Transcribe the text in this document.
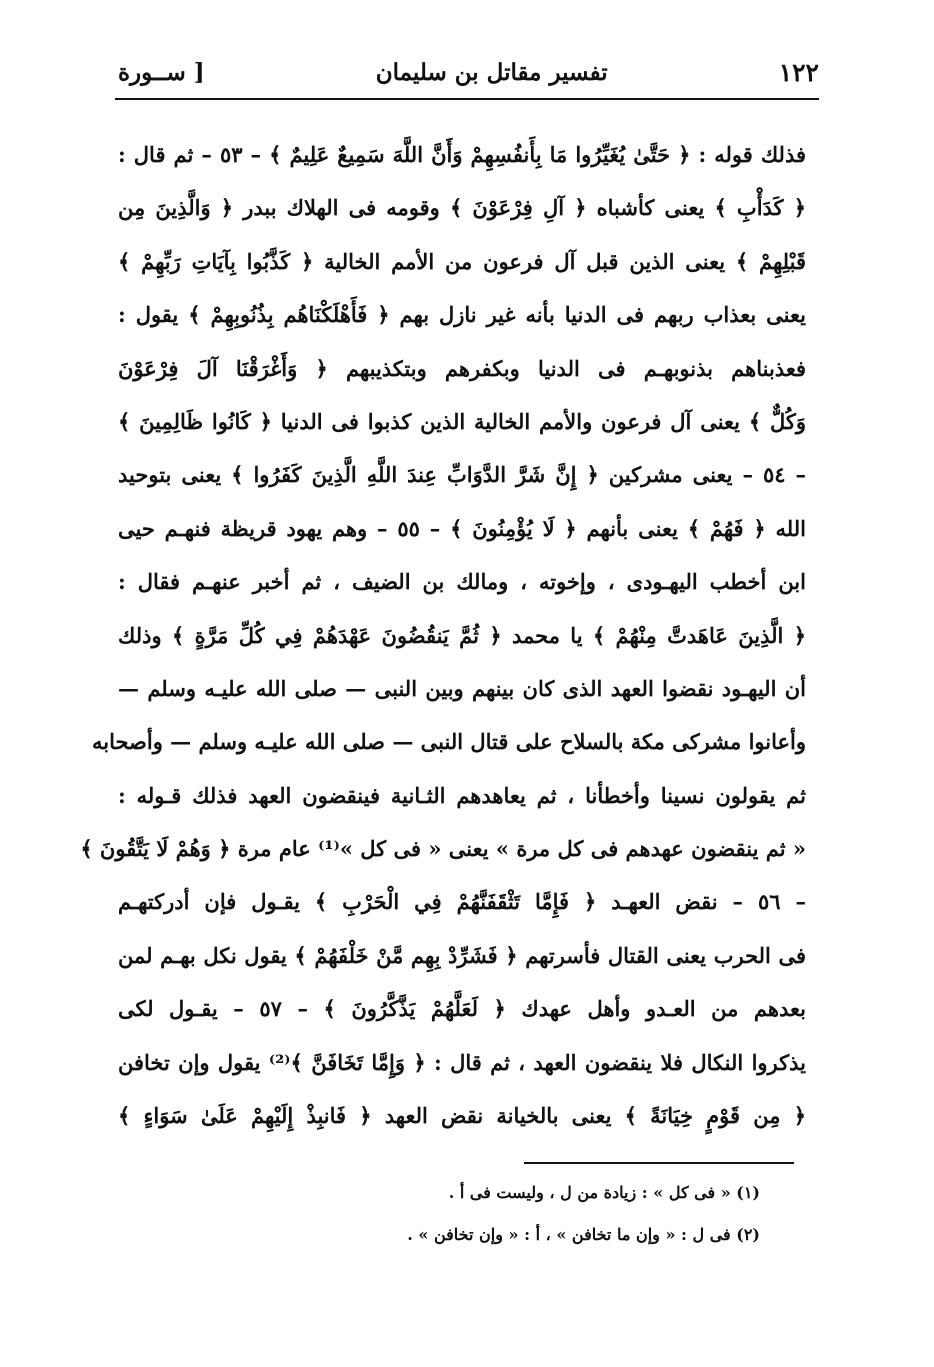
١٢٢
تفسير مقاتل بن سليمان
[ ســورة
فذلك قوله : ﴿ حَتَّىٰ يُغَيِّرُوا مَا بِأَنفُسِهِمْ وَأَنَّ اللَّهَ سَمِيعٌ عَلِيمٌ ﴾ – ٥٣ – ثم قال :
﴿ كَدَأْبِ ﴾ يعنى كأشباه ﴿ آلِ فِرْعَوْنَ ﴾ وقومه فى الهلاك ببدر ﴿ وَالَّذِينَ مِن
قَبْلِهِمْ ﴾ يعنى الذين قبل آل فرعون من الأمم الخالية ﴿ كَذَّبُوا بِآيَاتِ رَبِّهِمْ ﴾
يعنى بعذاب ربهم فى الدنيا بأنه غير نازل بهم ﴿ فَأَهْلَكْنَاهُم بِذُنُوبِهِمْ ﴾ يقول :
فعذبناهم بذنوبهـم فى الدنيا وبكفرهم وبتكذيبهم ﴿ وَأَغْرَقْنَا آلَ فِرْعَوْنَ
وَكُلٌّ ﴾ يعنى آل فرعون والأمم الخالية الذين كذبوا فى الدنيا ﴿ كَانُوا ظَالِمِينَ ﴾
– ٥٤ – يعنى مشركين ﴿ إِنَّ شَرَّ الدَّوَابِّ عِندَ اللَّهِ الَّذِينَ كَفَرُوا ﴾ يعنى بتوحيد
الله ﴿ فَهُمْ ﴾ يعنى بأنهم ﴿ لَا يُؤْمِنُونَ ﴾ – ٥٥ – وهم يهود قريظة فنهـم حيى
ابن أخطب اليهـودى ، وإخوته ، ومالك بن الضيف ، ثم أخبر عنهـم فقال :
﴿ الَّذِينَ عَاهَدتَّ مِنْهُمْ ﴾ يا محمد ﴿ ثُمَّ يَنقُضُونَ عَهْدَهُمْ فِي كُلِّ مَرَّةٍ ﴾ وذلك
أن اليهـود نقضوا العهد الذى كان بينهم وبين النبى — صلى الله عليـه وسلم —
وأعانوا مشركى مكة بالسلاح على قتال النبى — صلى الله عليـه وسلم — وأصحابه
ثم يقولون نسينا وأخطأنا ، ثم يعاهدهم الثـانية فينقضون العهد فذلك قـوله :
« ثم ينقضون عهدهم فى كل مرة » يعنى « فى كل »⁽¹⁾ عام مرة ﴿ وَهُمْ لَا يَتَّقُونَ ﴾
– ٥٦ – نقض العهـد ﴿ فَإِمَّا تَثْقَفَنَّهُمْ فِي الْحَرْبِ ﴾ يقـول فإن أدركتهـم
فى الحرب يعنى القتال فأسرتهم ﴿ فَشَرِّدْ بِهِم مَّنْ خَلْفَهُمْ ﴾ يقول نكل بهـم لمن
بعدهم من العـدو وأهل عهدك ﴿ لَعَلَّهُمْ يَذَّكَّرُونَ ﴾ – ٥٧ – يقـول لكى
يذكروا النكال فلا ينقضون العهد ، ثم قال : ﴿ وَإِمَّا تَخَافَنَّ ﴾⁽²⁾ يقول وإن تخافن
﴿ مِن قَوْمٍ خِيَانَةً ﴾ يعنى بالخيانة نقض العهد ﴿ فَانبِذْ إِلَيْهِمْ عَلَىٰ سَوَاءٍ ﴾
(١) « فى كل » : زيادة من ل ، وليست فى أ .
(٢) فى ل : « وإن ما تخافن » ، أ : « وإن تخافن » .
